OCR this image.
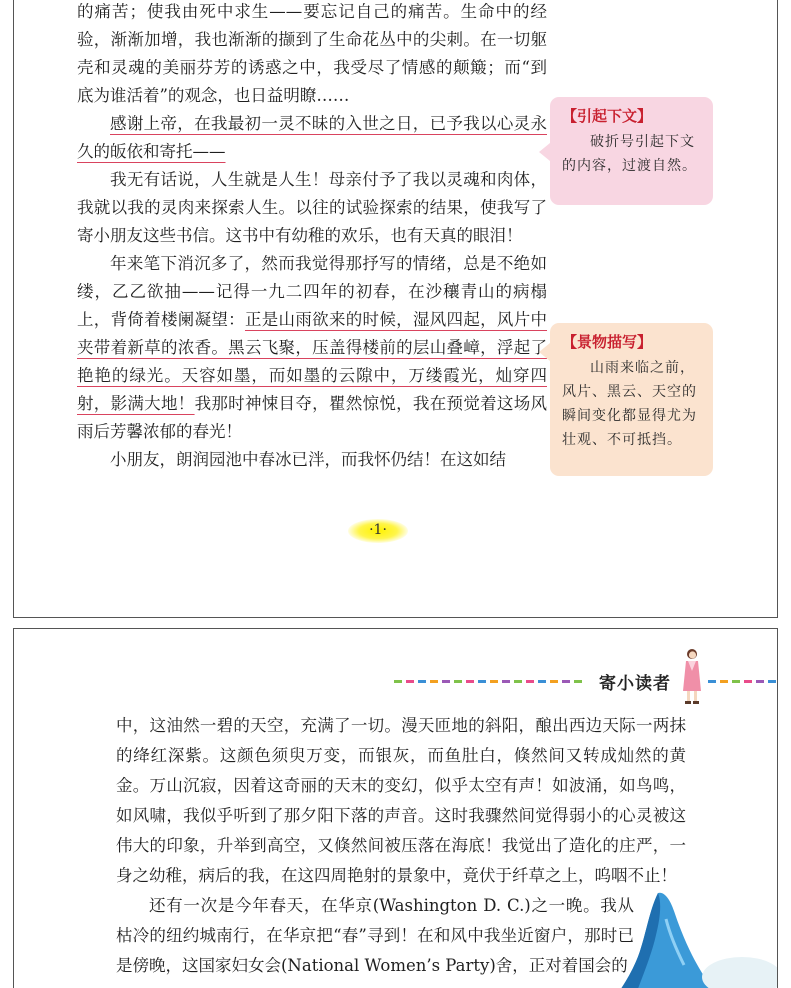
的痛苦；使我由死中求生——要忘记自己的痛苦。生命中的经验，渐渐加增，我也渐渐的撷到了生命花丛中的尖刺。在一切躯壳和灵魂的美丽芬芳的诱惑之中，我受尽了情感的颠簸；而“到底为谁活着”的观念，也日益明瞭……

感谢上帝，在我最初一灵不昧的入世之日，已予我以心灵永久的皈依和寄托——

我无有话说，人生就是人生！母亲付予了我以灵魂和肉体，我就以我的灵肉来探索人生。以往的试验探索的结果，使我写了寄小朋友这些书信。这书中有幼稚的欢乐，也有天真的眼泪！

年来笔下消沉多了，然而我觉得那抒写的情绪，总是不绝如缕，乙乙欲抽——记得一九二四年的初春，在沙穰青山的病榻上，背倚着楼阑凝望：正是山雨欲来的时候，湿风四起，风片中夹带着新草的浓香。黑云飞聚，压盖得楼前的层山叠嶂，浮起了艳艳的绿光。天容如墨，而如墨的云隙中，万缕霞光，灿穿四射，影满大地！我那时神悚目夺，瞿然惊悦，我在预觉着这场风雨后芳馨浓郁的春光！

小朋友，朗润园池中春冰已泮，而我怀仍结！在这如结

【引起下文】

破折号引起下文的内容，过渡自然。

【景物描写】

山雨来临之前，风片、黑云、天空的瞬间变化都显得尤为壮观、不可抵挡。

·1·
寄小读者

中，这油然一碧的天空，充满了一切。漫天匝地的斜阳，酿出西边天际一两抹的绛红深紫。这颜色须臾万变，而银灰，而鱼肚白，倏然间又转成灿然的黄金。万山沉寂，因着这奇丽的天末的变幻，似乎太空有声！如波涌，如鸟鸣，如风啸，我似乎听到了那夕阳下落的声音。这时我骤然间觉得弱小的心灵被这伟大的印象，升举到高空，又倏然间被压落在海底！我觉出了造化的庄严，一身之幼稚，病后的我，在这四周艳射的景象中，竟伏于纤草之上，呜咽不止！

还有一次是今年春天，在华京(Washington D. C.)之一晚。我从枯冷的纽约城南行，在华京把“春”寻到！在和风中我坐近窗户，那时已是傍晚，这国家妇女会(National Women’s Party)舍，正对着国会的
